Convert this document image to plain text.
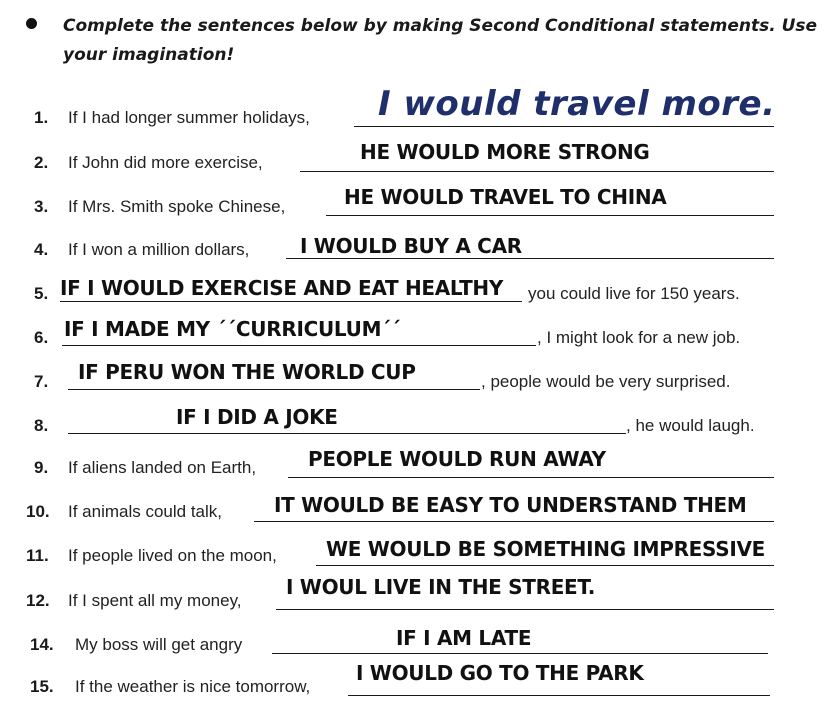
Complete the sentences below by making Second Conditional statements. Use your imagination!
1. If I had longer summer holidays, I would travel more.
2. If John did more exercise,	HE WOULD MORE STRONG
3. If Mrs. Smith spoke Chinese,	HE WOULD TRAVEL TO CHINA
4. If I won a million dollars,	I WOULD BUY A CAR
5. IF I WOULD EXERCISE AND EAT HEALTHY you could live for 150 years.
6. IF I MADE MY ´´CURRICULUM´´	, I might look for a new job.
7. IF PERU WON THE WORLD CUP	, people would be very surprised.
8.	IF I DID A JOKE	, he would laugh.
9. If aliens landed on Earth,	PEOPLE WOULD RUN AWAY
10. If animals could talk,	IT WOULD BE EASY TO UNDERSTAND THEM
11. If people lived on the moon, WE WOULD BE SOMETHING IMPRESSIVE
12. If I spent all my money,
I WOUL LIVE IN THE STREET.
14. My boss will get angry	IF I AM LATE
15. If the weather is nice tomorrow,
I WOULD GO TO THE PARK
